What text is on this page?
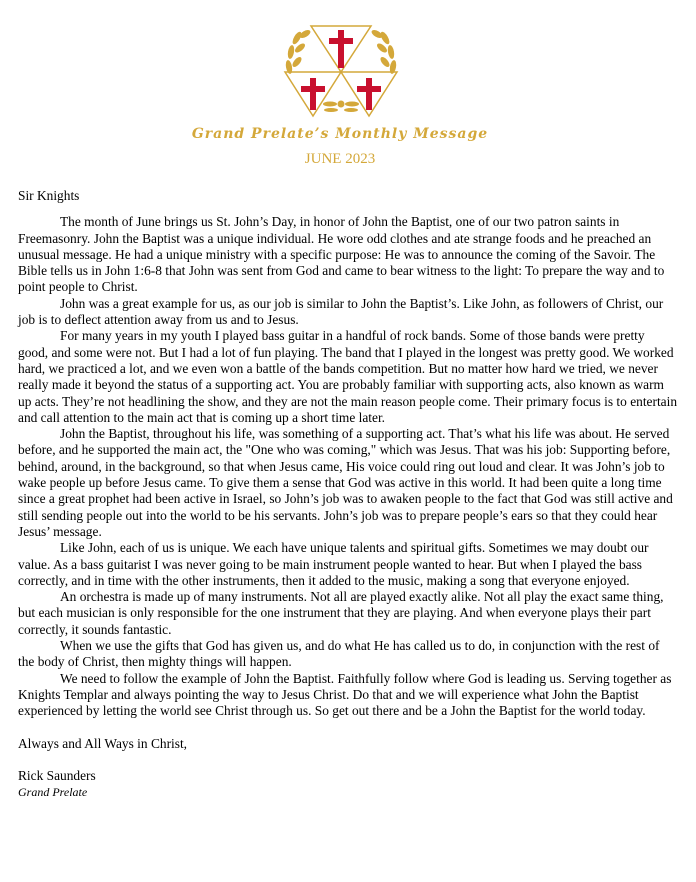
Grand Prelate’s Monthly Message
JUNE 2023

Sir Knights

The month of June brings us St. John’s Day, in honor of John the Baptist, one of our two patron saints in Freemasonry. John the Baptist was a unique individual. He wore odd clothes and ate strange foods and he preached an unusual message. He had a unique ministry with a specific purpose: He was to announce the coming of the Savoir. The Bible tells us in John 1:6-8 that John was sent from God and came to bear witness to the light: To prepare the way and to point people to Christ.

John was a great example for us, as our job is similar to John the Baptist’s. Like John, as followers of Christ, our job is to deflect attention away from us and to Jesus.

For many years in my youth I played bass guitar in a handful of rock bands. Some of those bands were pretty good, and some were not. But I had a lot of fun playing. The band that I played in the longest was pretty good. We worked hard, we practiced a lot, and we even won a battle of the bands competition. But no matter how hard we tried, we never really made it beyond the status of a supporting act. You are probably familiar with supporting acts, also known as warm up acts. They’re not headlining the show, and they are not the main reason people come. Their primary focus is to entertain and call attention to the main act that is coming up a short time later.

John the Baptist, throughout his life, was something of a supporting act. That’s what his life was about. He served before, and he supported the main act, the "One who was coming," which was Jesus. That was his job: Supporting before, behind, around, in the background, so that when Jesus came, His voice could ring out loud and clear. It was John’s job to wake people up before Jesus came. To give them a sense that God was active in this world. It had been quite a long time since a great prophet had been active in Israel, so John’s job was to awaken people to the fact that God was still active and still sending people out into the world to be his servants. John’s job was to prepare people’s ears so that they could hear Jesus’ message.

Like John, each of us is unique. We each have unique talents and spiritual gifts. Sometimes we may doubt our value. As a bass guitarist I was never going to be main instrument people wanted to hear. But when I played the bass correctly, and in time with the other instruments, then it added to the music, making a song that everyone enjoyed.

An orchestra is made up of many instruments. Not all are played exactly alike. Not all play the exact same thing, but each musician is only responsible for the one instrument that they are playing. And when everyone plays their part correctly, it sounds fantastic.

When we use the gifts that God has given us, and do what He has called us to do, in conjunction with the rest of the body of Christ, then mighty things will happen.

We need to follow the example of John the Baptist. Faithfully follow where God is leading us. Serving together as Knights Templar and always pointing the way to Jesus Christ. Do that and we will experience what John the Baptist experienced by letting the world see Christ through us. So get out there and be a John the Baptist for the world today.

Always and All Ways in Christ,

Rick Saunders

Grand Prelate
